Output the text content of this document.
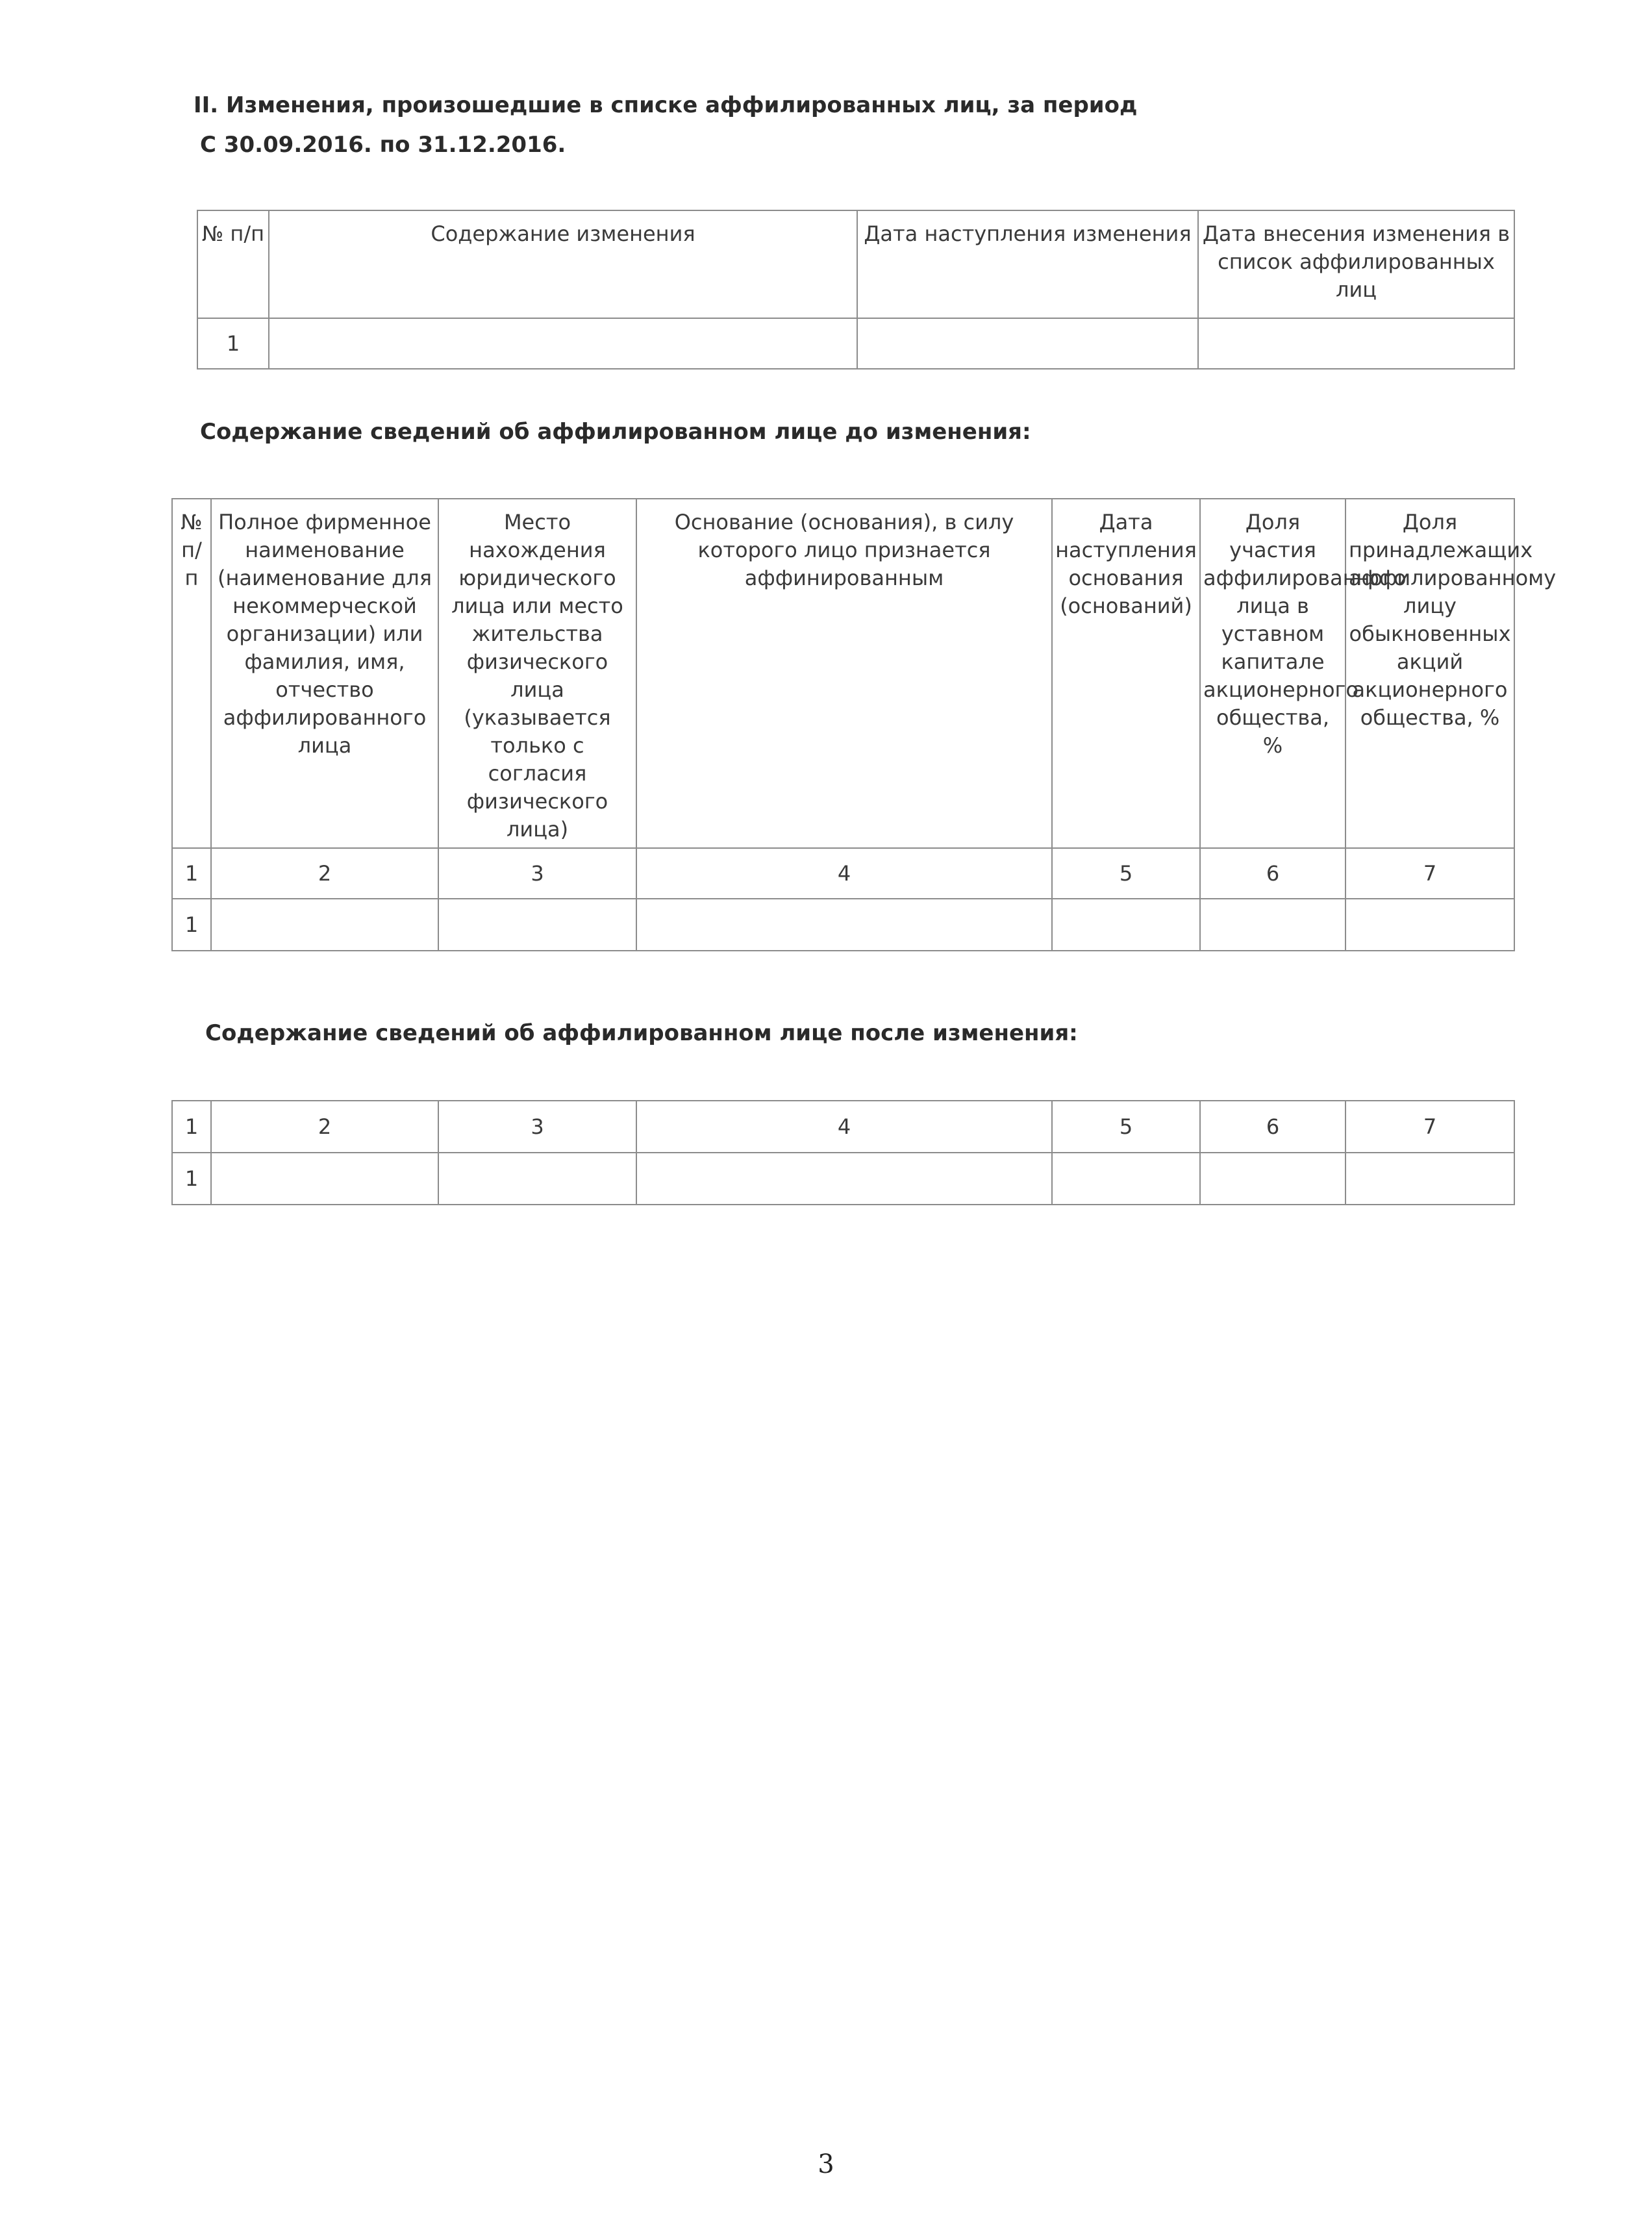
II. Изменения, произошедшие в списке аффилированных лиц, за период
С 30.09.2016. по 31.12.2016.
№ п/п	Содержание изменения	Дата наступления изменения	Дата внесения изменения в список аффилированных лиц
1			
Содержание сведений об аффилированном лице до изменения:
№ п/ п	Полное фирменное наименование (наименование для некоммерческой организации) или фамилия, имя, отчество аффилированного лица	Место нахождения юридического лица или место жительства физического лица (указывается только с согласия физического лица)	Основание (основания), в силу которого лицо признается аффинированным	Дата наступления основания (оснований)	Доля участия аффилированного лица в уставном капитале акционерного общества, %	Доля принадлежащих аффилированному лицу обыкновенных акций акционерного общества, %
1	2	3	4	5	6	7
1						
Содержание сведений об аффилированном лице после изменения:
1	2	3	4	5	6	7
1						
3
